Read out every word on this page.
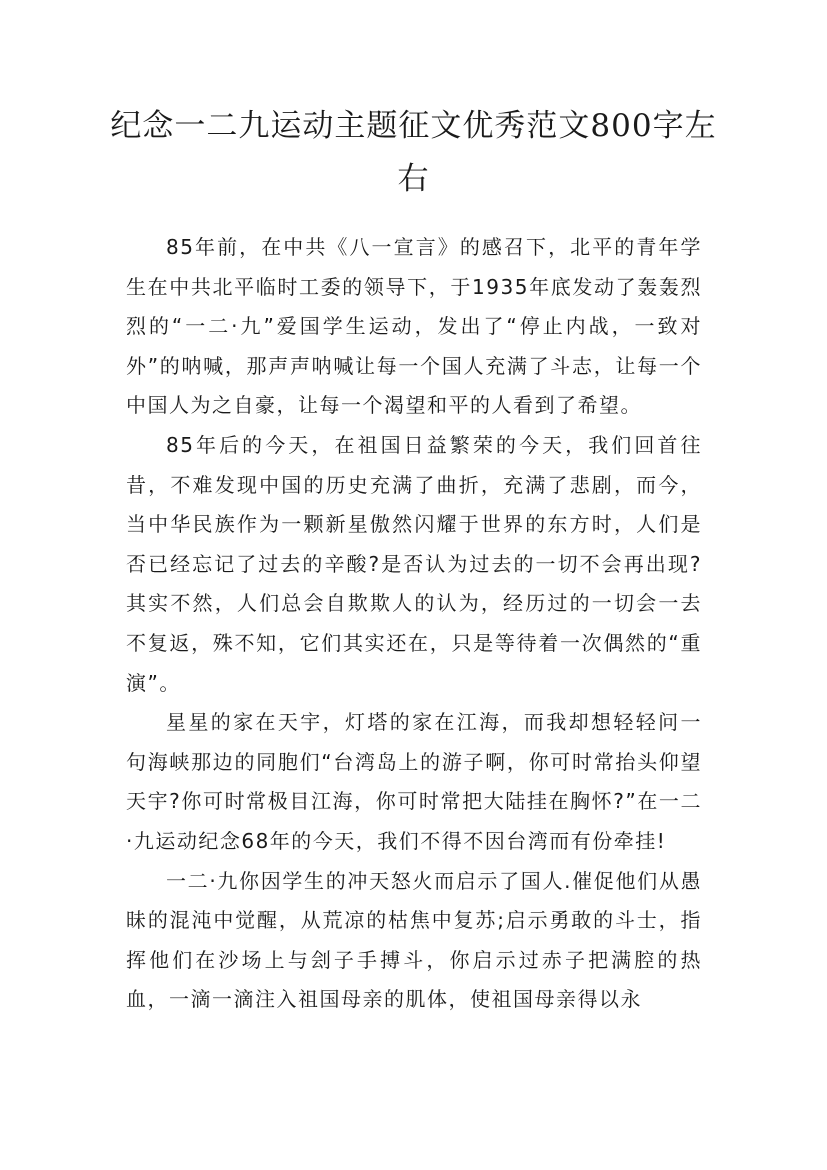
纪念一二九运动主题征文优秀范文800字左右

85年前，在中共《八一宣言》的感召下，北平的青年学生在中共北平临时工委的领导下，于1935年底发动了轰轰烈烈的“一二·九”爱国学生运动，发出了“停止内战，一致对外”的呐喊，那声声呐喊让每一个国人充满了斗志，让每一个中国人为之自豪，让每一个渴望和平的人看到了希望。

85年后的今天，在祖国日益繁荣的今天，我们回首往昔，不难发现中国的历史充满了曲折，充满了悲剧，而今，当中华民族作为一颗新星傲然闪耀于世界的东方时，人们是否已经忘记了过去的辛酸?是否认为过去的一切不会再出现?其实不然，人们总会自欺欺人的认为，经历过的一切会一去不复返，殊不知，它们其实还在，只是等待着一次偶然的“重演”。

星星的家在天宇，灯塔的家在江海，而我却想轻轻问一句海峡那边的同胞们“台湾岛上的游子啊，你可时常抬头仰望天宇?你可时常极目江海，你可时常把大陆挂在胸怀?”在一二·九运动纪念68年的今天，我们不得不因台湾而有份牵挂!

一二·九你因学生的冲天怒火而启示了国人.催促他们从愚昧的混沌中觉醒，从荒凉的枯焦中复苏;启示勇敢的斗士，指挥他们在沙场上与刽子手搏斗，你启示过赤子把满腔的热血，一滴一滴注入祖国母亲的肌体，使祖国母亲得以永
